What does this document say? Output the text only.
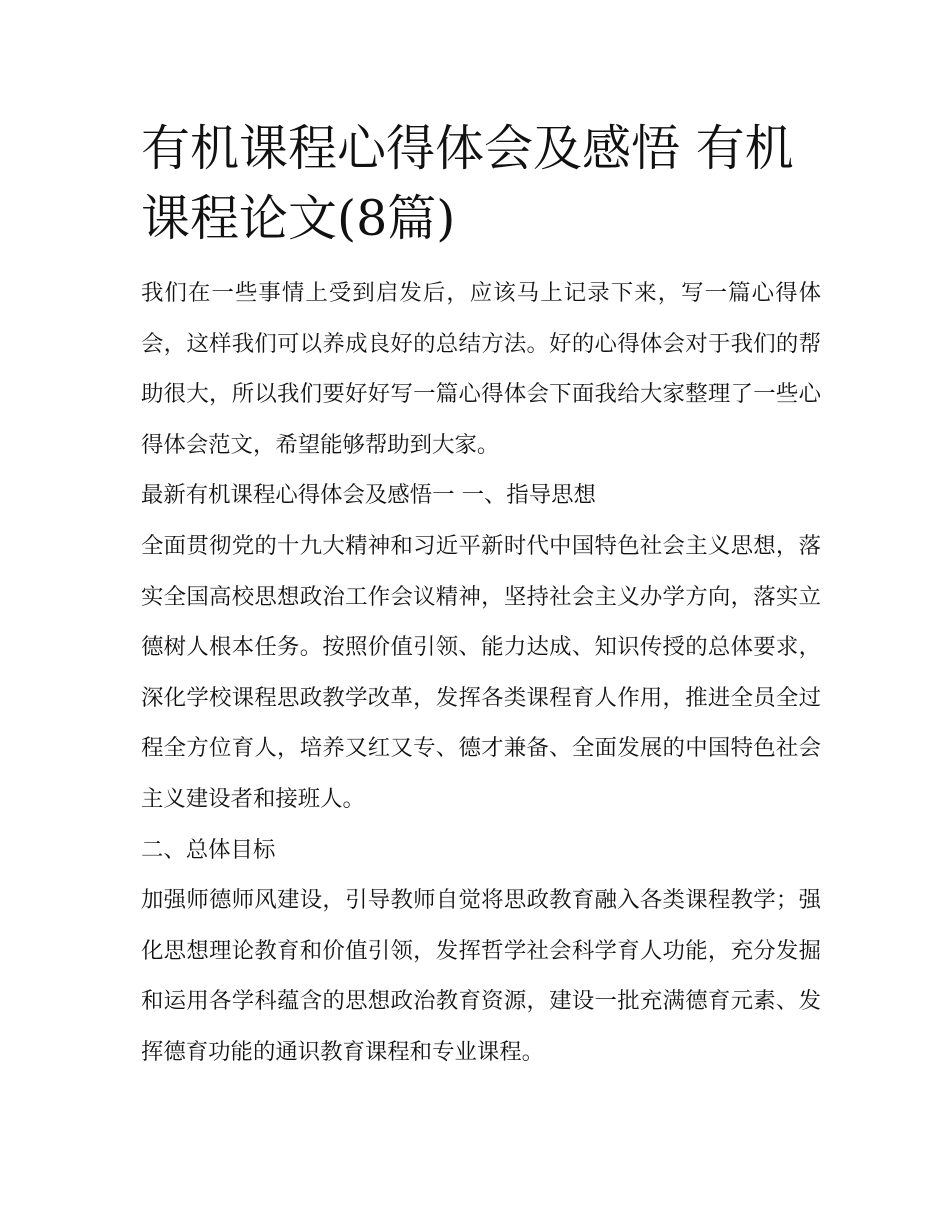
有机课程心得体会及感悟 有机课程论文(8篇)

我们在一些事情上受到启发后，应该马上记录下来，写一篇心得体会，这样我们可以养成良好的总结方法。好的心得体会对于我们的帮助很大，所以我们要好好写一篇心得体会下面我给大家整理了一些心得体会范文，希望能够帮助到大家。

最新有机课程心得体会及感悟一 一、指导思想

全面贯彻党的十九大精神和习近平新时代中国特色社会主义思想，落实全国高校思想政治工作会议精神，坚持社会主义办学方向，落实立德树人根本任务。按照价值引领、能力达成、知识传授的总体要求，深化学校课程思政教学改革，发挥各类课程育人作用，推进全员全过程全方位育人，培养又红又专、德才兼备、全面发展的中国特色社会主义建设者和接班人。

二、总体目标

加强师德师风建设，引导教师自觉将思政教育融入各类课程教学；强化思想理论教育和价值引领，发挥哲学社会科学育人功能，充分发掘和运用各学科蕴含的思想政治教育资源，建设一批充满德育元素、发挥德育功能的通识教育课程和专业课程。
